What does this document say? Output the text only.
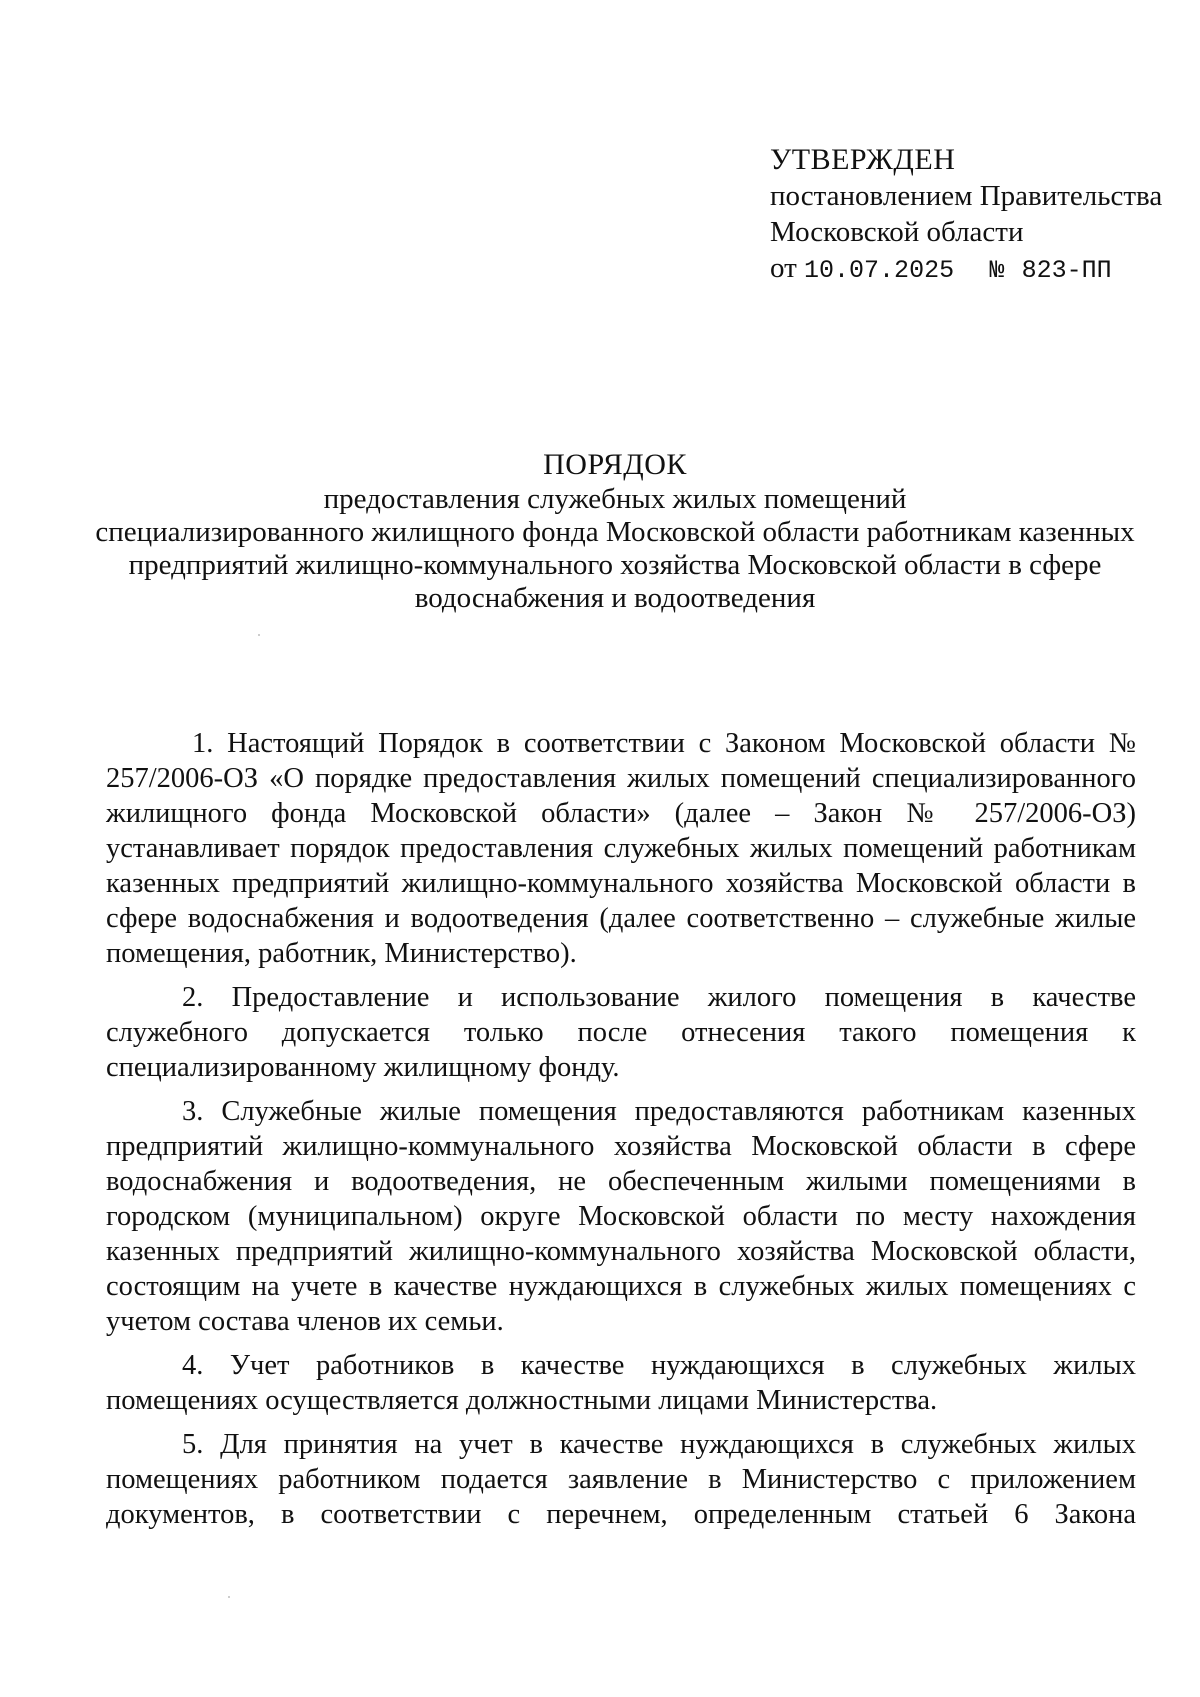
УТВЕРЖДЕН
постановлением Правительства
Московской области
от 10.07.2025 № 823-ПП
ПОРЯДОК
предоставления служебных жилых помещений
специализированного жилищного фонда Московской области работникам казенных
предприятий жилищно-коммунального хозяйства Московской области в сфере
водоснабжения и водоотведения

1. Настоящий Порядок в соответствии с Законом Московской области № 257/2006-ОЗ «О порядке предоставления жилых помещений специализированного жилищного фонда Московской области» (далее – Закон № 257/2006-ОЗ) устанавливает порядок предоставления служебных жилых помещений работникам казенных предприятий жилищно-коммунального хозяйства Московской области в сфере водоснабжения и водоотведения (далее соответственно – служебные жилые помещения, работник, Министерство).

2. Предоставление и использование жилого помещения в качестве служебного допускается только после отнесения такого помещения к специализированному жилищному фонду.

3. Служебные жилые помещения предоставляются работникам казенных предприятий жилищно-коммунального хозяйства Московской области в сфере водоснабжения и водоотведения, не обеспеченным жилыми помещениями в городском (муниципальном) округе Московской области по месту нахождения казенных предприятий жилищно-коммунального хозяйства Московской области, состоящим на учете в качестве нуждающихся в служебных жилых помещениях с учетом состава членов их семьи.

4. Учет работников в качестве нуждающихся в служебных жилых помещениях осуществляется должностными лицами Министерства.

5. Для принятия на учет в качестве нуждающихся в служебных жилых помещениях работником подается заявление в Министерство с приложением документов, в соответствии с перечнем, определенным статьей 6 Закона
